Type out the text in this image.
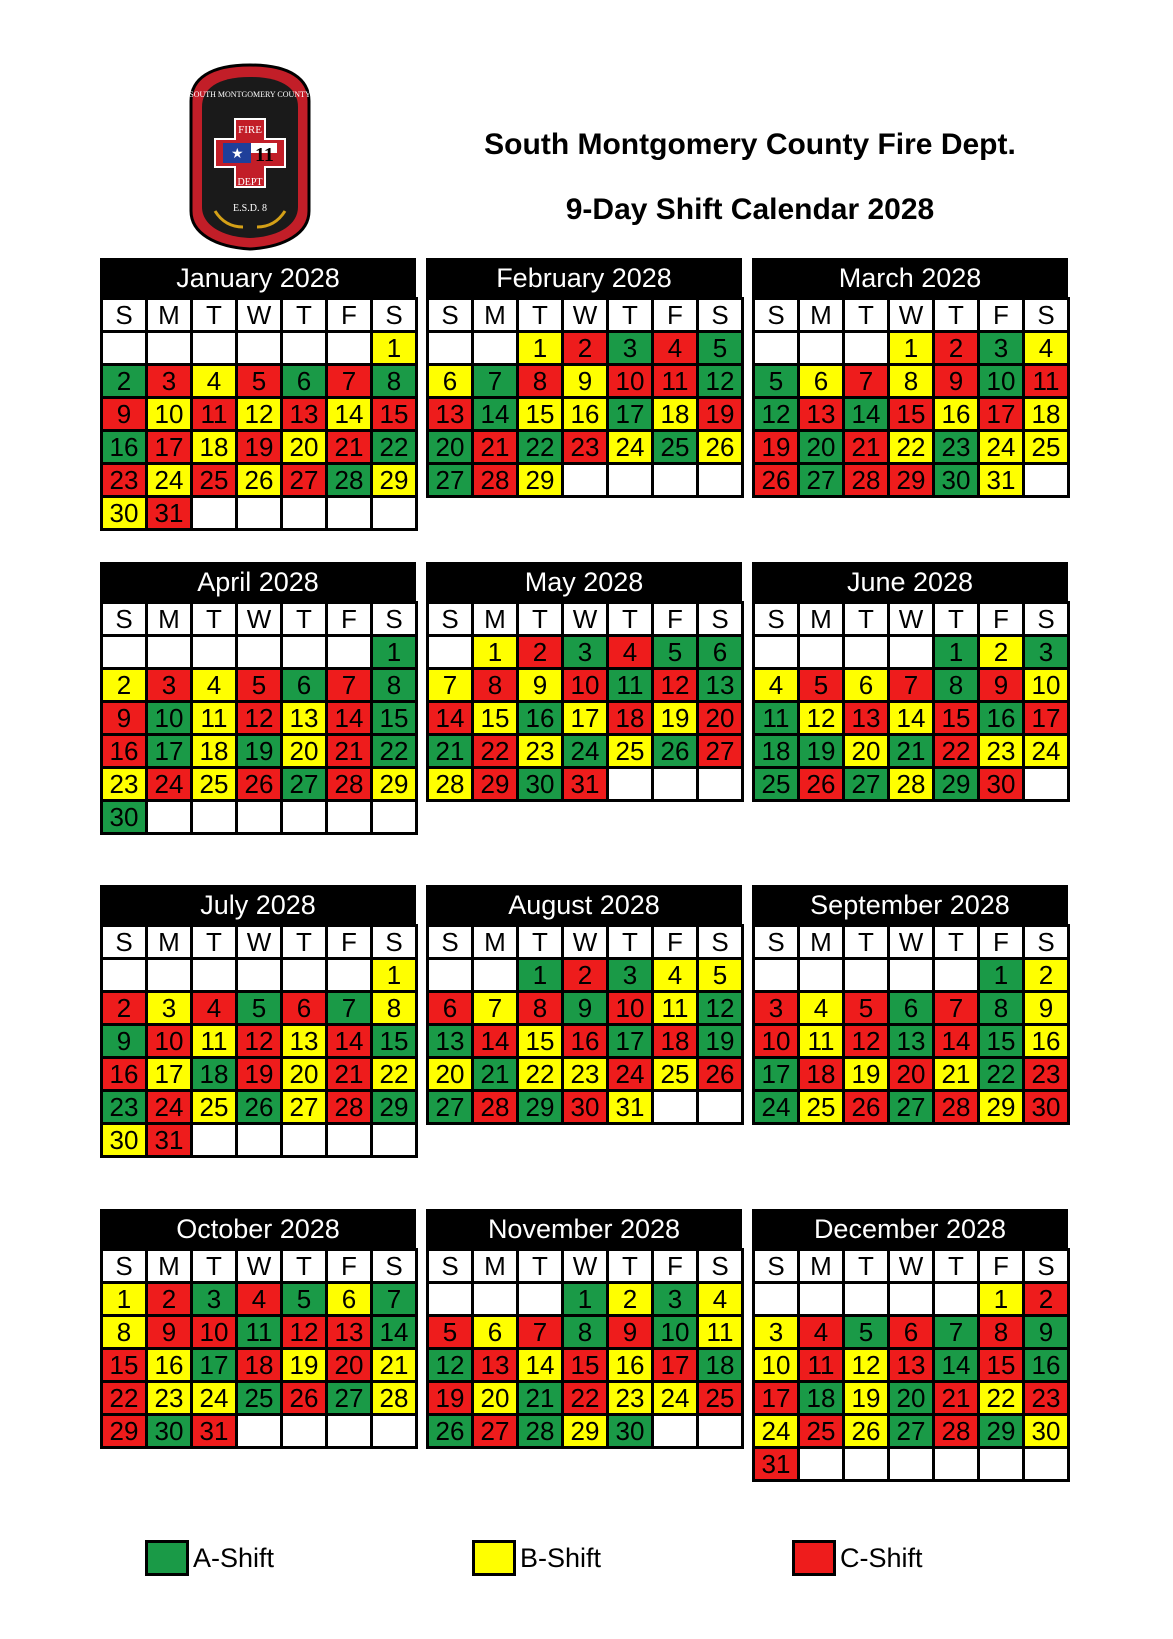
★ 11
FIRE
DEPT
E.S.D. 8
SOUTH MONTGOMERY COUNTY
South Montgomery County Fire Dept.
9-Day Shift Calendar 2028
January 2028
S	M	T	W	T	F	S
						1
2	3	4	5	6	7	8
9	10	11	12	13	14	15
16	17	18	19	20	21	22
23	24	25	26	27	28	29
30	31					
February 2028
S	M	T	W	T	F	S
		1	2	3	4	5
6	7	8	9	10	11	12
13	14	15	16	17	18	19
20	21	22	23	24	25	26
27	28	29				
March 2028
S	M	T	W	T	F	S
			1	2	3	4
5	6	7	8	9	10	11
12	13	14	15	16	17	18
19	20	21	22	23	24	25
26	27	28	29	30	31	
April 2028
S	M	T	W	T	F	S
						1
2	3	4	5	6	7	8
9	10	11	12	13	14	15
16	17	18	19	20	21	22
23	24	25	26	27	28	29
30						
May 2028
S	M	T	W	T	F	S
	1	2	3	4	5	6
7	8	9	10	11	12	13
14	15	16	17	18	19	20
21	22	23	24	25	26	27
28	29	30	31			
June 2028
S	M	T	W	T	F	S
				1	2	3
4	5	6	7	8	9	10
11	12	13	14	15	16	17
18	19	20	21	22	23	24
25	26	27	28	29	30	
July 2028
S	M	T	W	T	F	S
						1
2	3	4	5	6	7	8
9	10	11	12	13	14	15
16	17	18	19	20	21	22
23	24	25	26	27	28	29
30	31					
August 2028
S	M	T	W	T	F	S
		1	2	3	4	5
6	7	8	9	10	11	12
13	14	15	16	17	18	19
20	21	22	23	24	25	26
27	28	29	30	31		
September 2028
S	M	T	W	T	F	S
					1	2
3	4	5	6	7	8	9
10	11	12	13	14	15	16
17	18	19	20	21	22	23
24	25	26	27	28	29	30
October 2028
S	M	T	W	T	F	S
1	2	3	4	5	6	7
8	9	10	11	12	13	14
15	16	17	18	19	20	21
22	23	24	25	26	27	28
29	30	31				
November 2028
S	M	T	W	T	F	S
			1	2	3	4
5	6	7	8	9	10	11
12	13	14	15	16	17	18
19	20	21	22	23	24	25
26	27	28	29	30		
December 2028
S	M	T	W	T	F	S
					1	2
3	4	5	6	7	8	9
10	11	12	13	14	15	16
17	18	19	20	21	22	23
24	25	26	27	28	29	30
31						
A-Shift	B-Shift	C-Shift
